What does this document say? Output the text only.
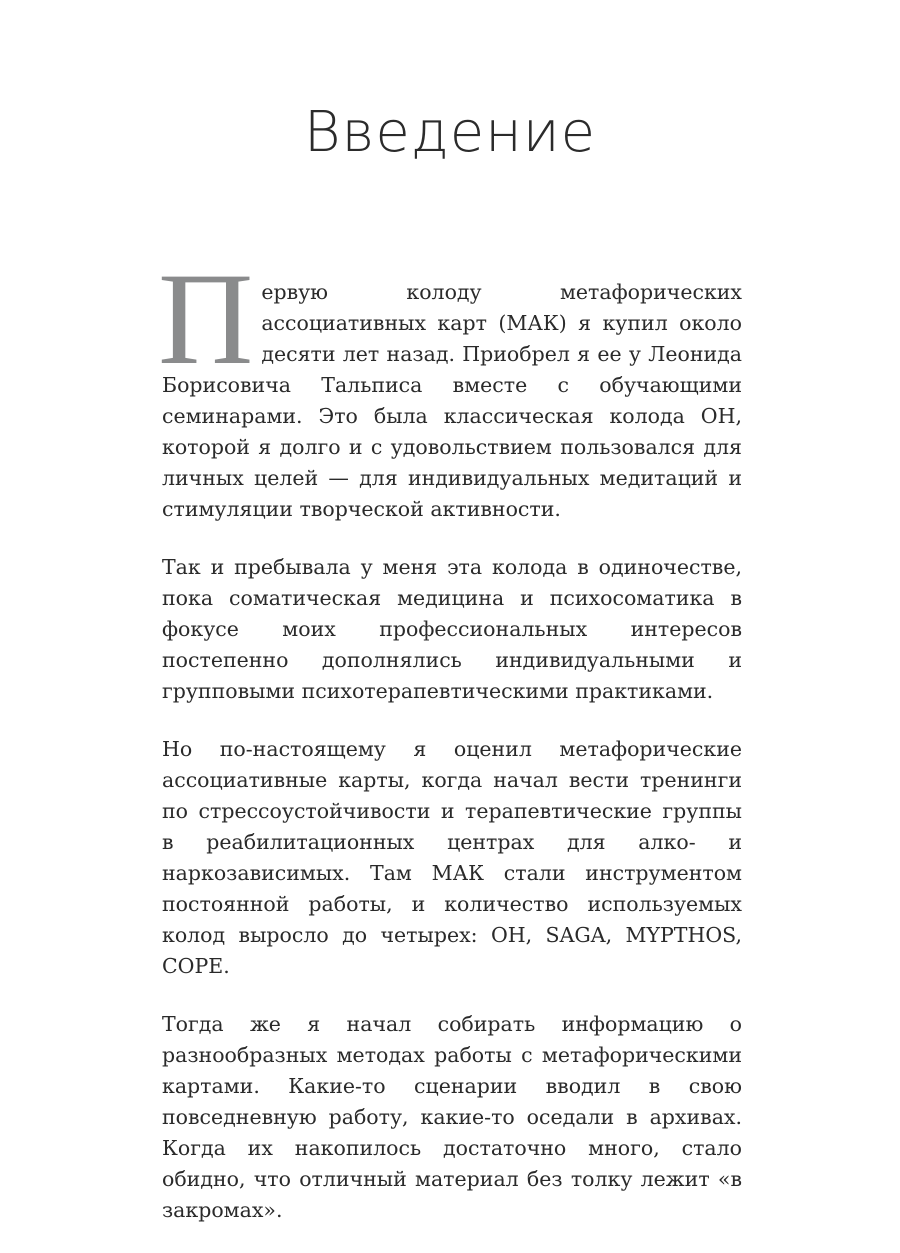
Введение

Первую колоду метафорических ассоциативных карт (МАК) я купил около десяти лет назад. Приобрел я ее у Леонида Борисовича Тальписа вместе с обучающими семинарами. Это была классическая колода OH, которой я долго и с удовольствием пользовался для личных целей — для индивидуальных медитаций и стимуляции творческой активности.

Так и пребывала у меня эта колода в одиночестве, пока соматическая медицина и психосоматика в фокусе моих профессиональных интересов постепенно дополнялись индивидуальными и групповыми психотерапевтическими практиками.

Но по-настоящему я оценил метафорические ассоциативные карты, когда начал вести тренинги по стрессоустойчивости и терапевтические группы в реабилитационных центрах для алко- и наркозависимых. Там МАК стали инструментом постоянной работы, и количество используемых колод выросло до четырех: OH, SAGA, MYPTHOS, COPE.

Тогда же я начал собирать информацию о разнообразных методах работы с метафорическими картами. Какие-то сценарии вводил в свою повседневную работу, какие-то оседали в архивах. Когда их накопилось достаточно много, стало обидно, что отличный материал без толку лежит «в закромах».
